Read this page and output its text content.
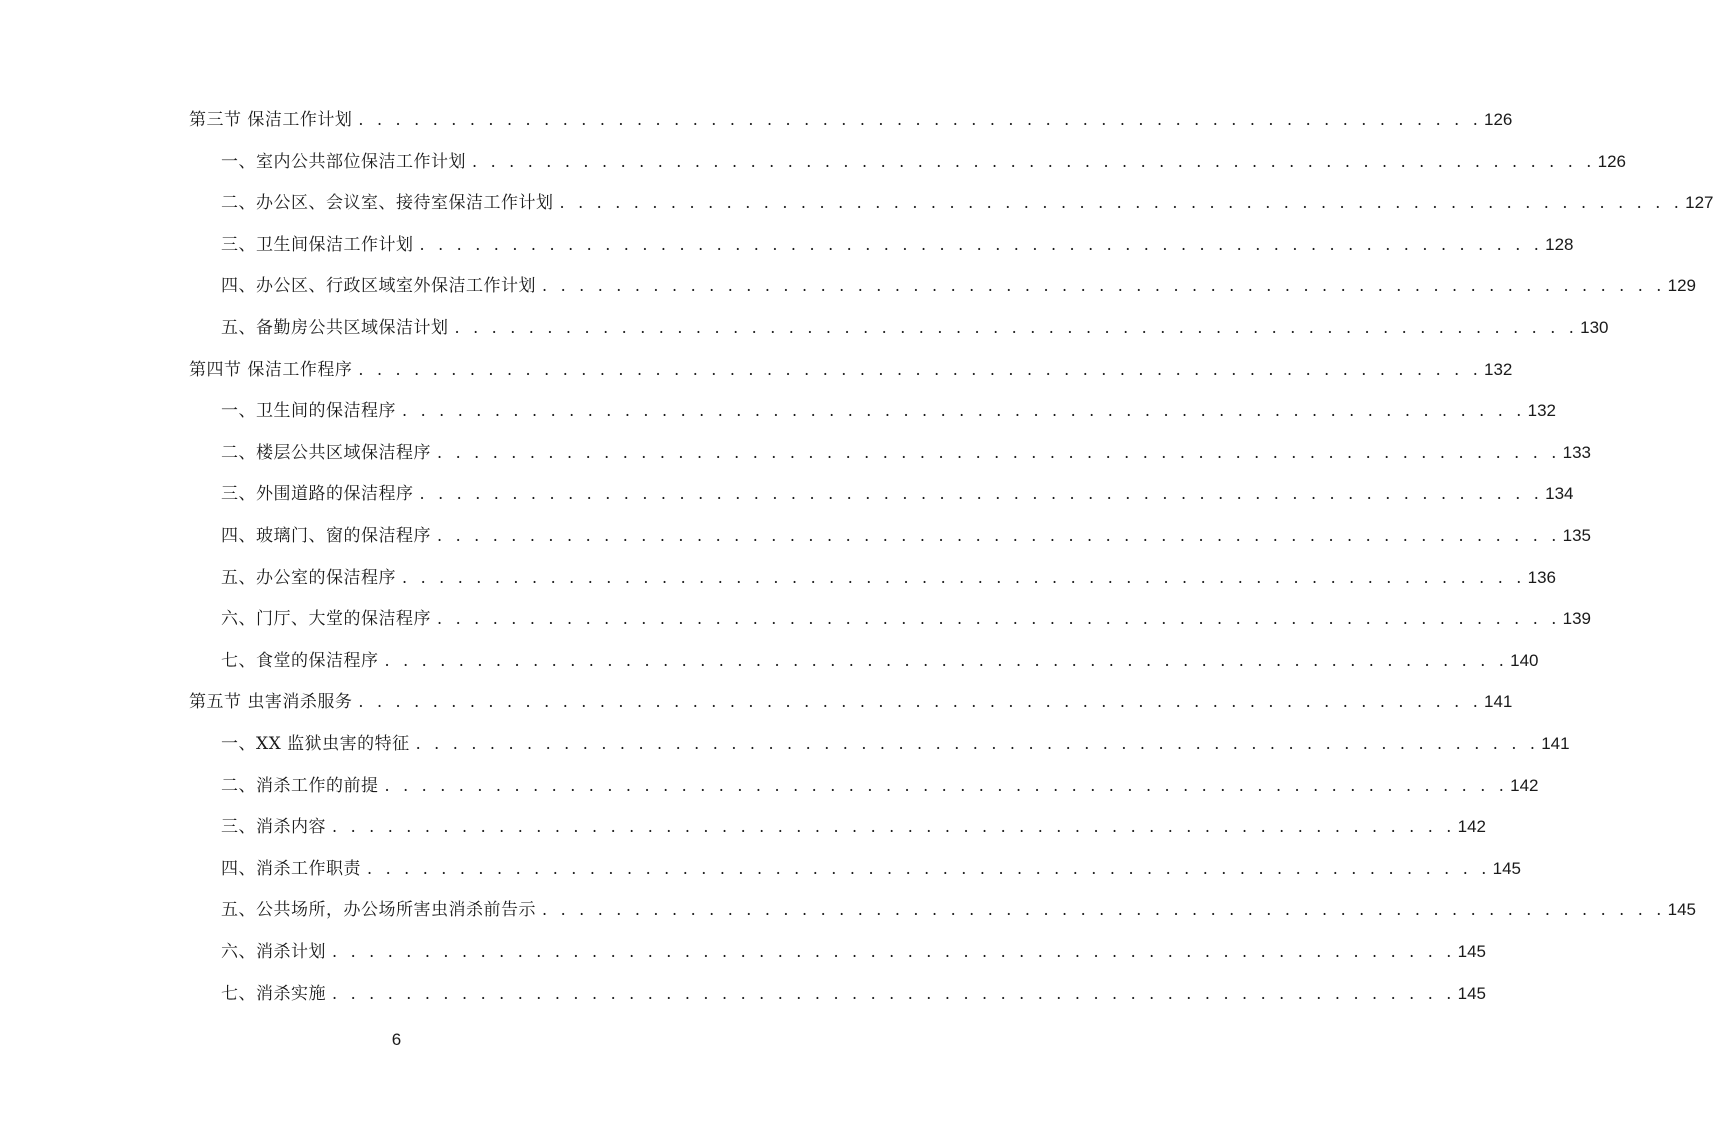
第三节 保洁工作计划 . . . . . . . . . . . . . . . . . . . . . . . . . . . . . . . . . . . . . . . . . . . . . . . . . . . . . . . . . . . . . 126
一、室内公共部位保洁工作计划 . . . . . . . . . . . . . . . . . . . . . . . . . . . . . . . . . . . . . . . . . . . . . . . . . . . . . . . . . . . . . 126
二、办公区、会议室、接待室保洁工作计划 . . . . . . . . . . . . . . . . . . . . . . . . . . . . . . . . . . . . . . . . . . . . . . . . . . . . . . . . . . . . . 127
三、卫生间保洁工作计划 . . . . . . . . . . . . . . . . . . . . . . . . . . . . . . . . . . . . . . . . . . . . . . . . . . . . . . . . . . . . . 128
四、办公区、行政区域室外保洁工作计划 . . . . . . . . . . . . . . . . . . . . . . . . . . . . . . . . . . . . . . . . . . . . . . . . . . . . . . . . . . . . . 129
五、备勤房公共区域保洁计划 . . . . . . . . . . . . . . . . . . . . . . . . . . . . . . . . . . . . . . . . . . . . . . . . . . . . . . . . . . . . . 130
第四节 保洁工作程序 . . . . . . . . . . . . . . . . . . . . . . . . . . . . . . . . . . . . . . . . . . . . . . . . . . . . . . . . . . . . . 132
一、卫生间的保洁程序 . . . . . . . . . . . . . . . . . . . . . . . . . . . . . . . . . . . . . . . . . . . . . . . . . . . . . . . . . . . . . 132
二、楼层公共区域保洁程序 . . . . . . . . . . . . . . . . . . . . . . . . . . . . . . . . . . . . . . . . . . . . . . . . . . . . . . . . . . . . . 133
三、外围道路的保洁程序 . . . . . . . . . . . . . . . . . . . . . . . . . . . . . . . . . . . . . . . . . . . . . . . . . . . . . . . . . . . . . 134
四、玻璃门、窗的保洁程序 . . . . . . . . . . . . . . . . . . . . . . . . . . . . . . . . . . . . . . . . . . . . . . . . . . . . . . . . . . . . . 135
五、办公室的保洁程序 . . . . . . . . . . . . . . . . . . . . . . . . . . . . . . . . . . . . . . . . . . . . . . . . . . . . . . . . . . . . . 136
六、门厅、大堂的保洁程序 . . . . . . . . . . . . . . . . . . . . . . . . . . . . . . . . . . . . . . . . . . . . . . . . . . . . . . . . . . . . . 139
七、食堂的保洁程序 . . . . . . . . . . . . . . . . . . . . . . . . . . . . . . . . . . . . . . . . . . . . . . . . . . . . . . . . . . . . . 140
第五节 虫害消杀服务 . . . . . . . . . . . . . . . . . . . . . . . . . . . . . . . . . . . . . . . . . . . . . . . . . . . . . . . . . . . . . 141
一、XX 监狱虫害的特征 . . . . . . . . . . . . . . . . . . . . . . . . . . . . . . . . . . . . . . . . . . . . . . . . . . . . . . . . . . . . . 141
二、消杀工作的前提 . . . . . . . . . . . . . . . . . . . . . . . . . . . . . . . . . . . . . . . . . . . . . . . . . . . . . . . . . . . . . 142
三、消杀内容 . . . . . . . . . . . . . . . . . . . . . . . . . . . . . . . . . . . . . . . . . . . . . . . . . . . . . . . . . . . . . 142
四、消杀工作职责 . . . . . . . . . . . . . . . . . . . . . . . . . . . . . . . . . . . . . . . . . . . . . . . . . . . . . . . . . . . . . 145
五、公共场所，办公场所害虫消杀前告示 . . . . . . . . . . . . . . . . . . . . . . . . . . . . . . . . . . . . . . . . . . . . . . . . . . . . . . . . . . . . . 145
六、消杀计划 . . . . . . . . . . . . . . . . . . . . . . . . . . . . . . . . . . . . . . . . . . . . . . . . . . . . . . . . . . . . . 145
七、消杀实施 . . . . . . . . . . . . . . . . . . . . . . . . . . . . . . . . . . . . . . . . . . . . . . . . . . . . . . . . . . . . . 145
6
